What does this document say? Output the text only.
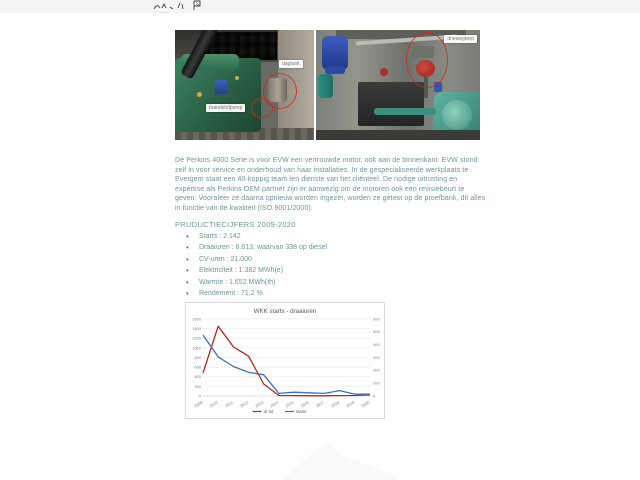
dagtank
brandstofpomp
driewegklep

De Perkins 4000 Serie is voor EVW een vertrouwde motor, ook aan de binnenkant. EVW stond zelf in voor service en onderhoud van haar installaties. In de gespecialiseerde werkplaats te Evergem staat een 40-koppig team ten dienste van het cliënteel. De nodige uitrusting en expertise als Perkins OEM partner zijn er aanwezig om de motoren ook een revisiebeurt te geven. Vooraleer ze daarna opnieuw worden ingezet, worden ze getest op de proefbank, dit alles in functie van de kwaliteit (ISO 9001/2000).

PRUDUCTIECIJFERS 2009-2020
• Starts : 2.142
• Draaiuren : 6.613, waarvan 338 op diesel
• CV-uren : 21.000
• Elektriciteit : 1.382 MWh(e)
• Warmte : 1.652 MWh(th)
• Rendement : 71,2 %
0
200
400
600
800
1000
1200
1400
1600
0
100
200
300
400
500
600
2009 2010 2011 2012 2013 2014 2015 2016 2017 2018 2019 2020
WKK starts - draaiuren
dr tot	starts
